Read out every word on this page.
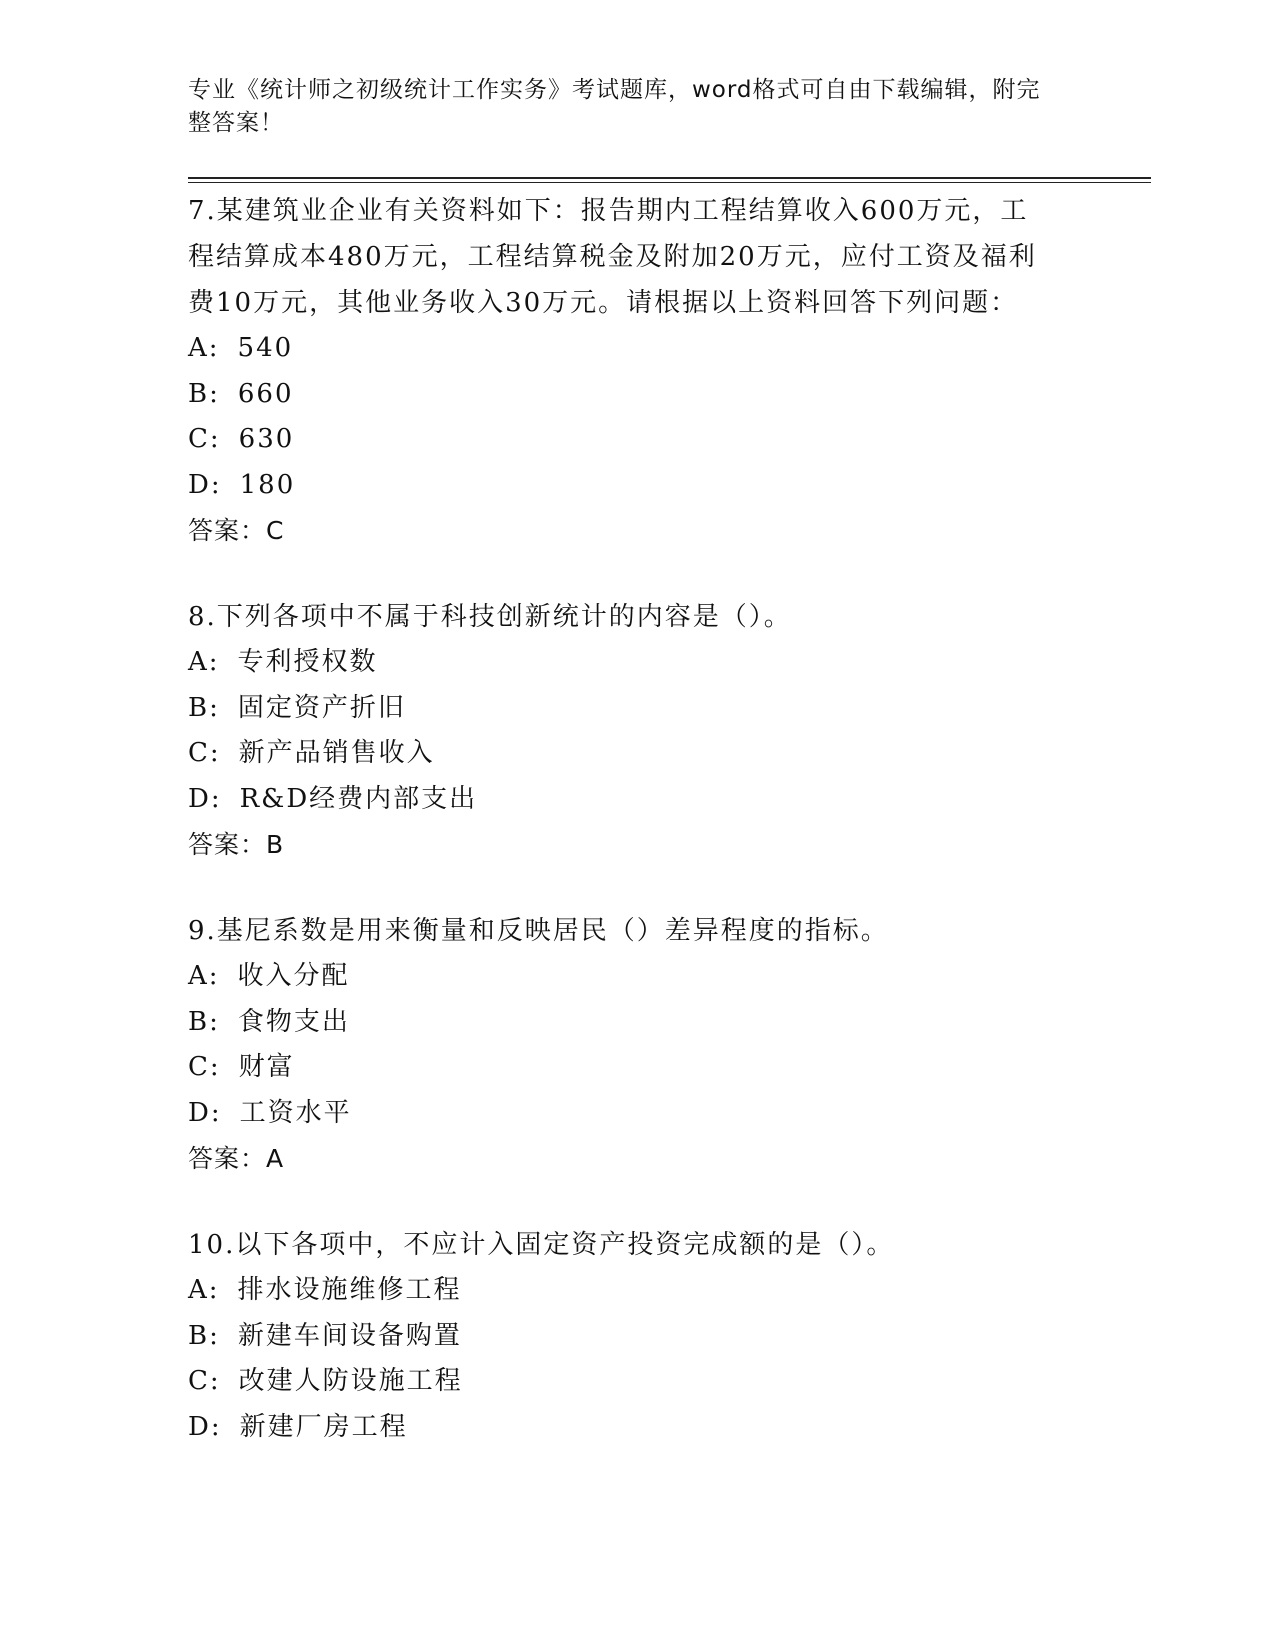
专业《统计师之初级统计工作实务》考试题库，word格式可自由下载编辑，附完
整答案！

7.某建筑业企业有关资料如下：报告期内工程结算收入600万元，工

程结算成本480万元，工程结算税金及附加20万元，应付工资及福利

费10万元，其他业务收入30万元。请根据以上资料回答下列问题：

A: 540

B: 660

C: 630

D: 180

答案：C

8.下列各项中不属于科技创新统计的内容是（）。

A: 专利授权数

B: 固定资产折旧

C: 新产品销售收入

D: R&D经费内部支出

答案：B

9.基尼系数是用来衡量和反映居民（）差异程度的指标。

A: 收入分配

B: 食物支出

C: 财富

D: 工资水平

答案：A

10.以下各项中，不应计入固定资产投资完成额的是（）。

A: 排水设施维修工程

B: 新建车间设备购置

C: 改建人防设施工程

D: 新建厂房工程
